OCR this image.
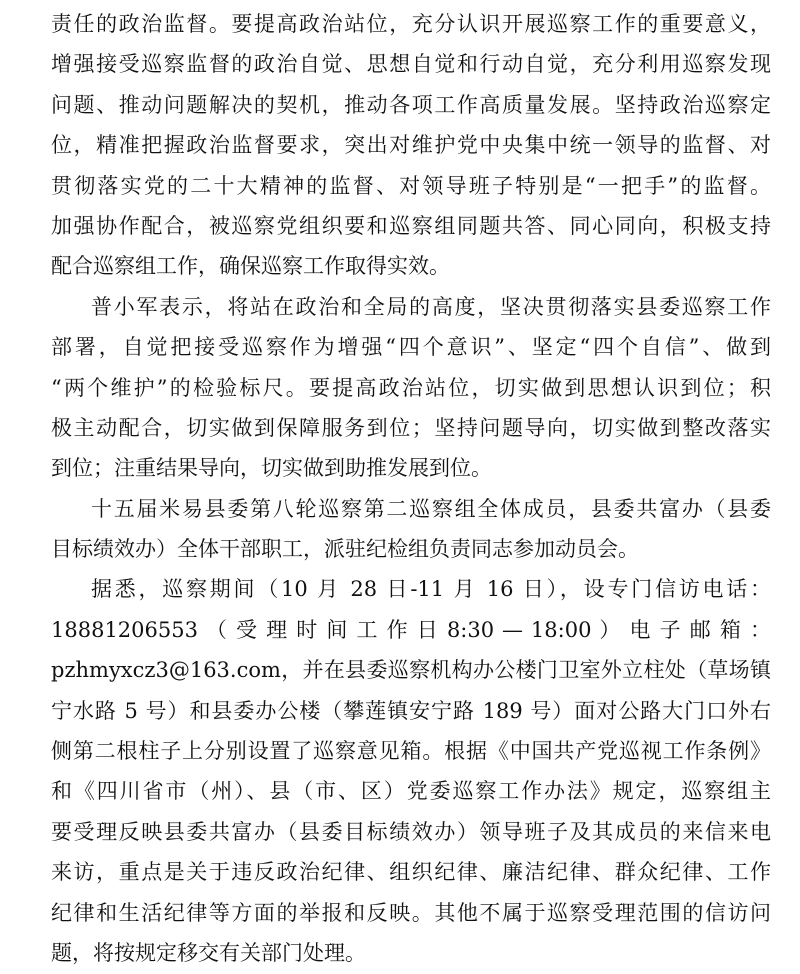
责任的政治监督。要提高政治站位，充分认识开展巡察工作的重要意义，
增强接受巡察监督的政治自觉、思想自觉和行动自觉，充分利用巡察发现
问题、推动问题解决的契机，推动各项工作高质量发展。坚持政治巡察定
位，精准把握政治监督要求，突出对维护党中央集中统一领导的监督、对
贯彻落实党的二十大精神的监督、对领导班子特别是“一把手”的监督。
加强协作配合，被巡察党组织要和巡察组同题共答、同心同向，积极支持
配合巡察组工作，确保巡察工作取得实效。
普小军表示，将站在政治和全局的高度，坚决贯彻落实县委巡察工作
部署，自觉把接受巡察作为增强“四个意识”、坚定“四个自信”、做到
“两个维护”的检验标尺。要提高政治站位，切实做到思想认识到位；积
极主动配合，切实做到保障服务到位；坚持问题导向，切实做到整改落实
到位；注重结果导向，切实做到助推发展到位。
十五届米易县委第八轮巡察第二巡察组全体成员，县委共富办（县委
目标绩效办）全体干部职工，派驻纪检组负责同志参加动员会。
据悉，巡察期间（10 月 28 日-11 月 16 日），设专门信访电话：
18881206553 （ 受 理 时 间 工 作 日 8:30 — 18:00 ） 电 子 邮 箱 ：
pzhmyxcz3@163.com，并在县委巡察机构办公楼门卫室外立柱处（草场镇
宁水路 5 号）和县委办公楼（攀莲镇安宁路 189 号）面对公路大门口外右
侧第二根柱子上分别设置了巡察意见箱。根据《中国共产党巡视工作条例》
和《四川省市（州）、县（市、区）党委巡察工作办法》规定，巡察组主
要受理反映县委共富办（县委目标绩效办）领导班子及其成员的来信来电
来访，重点是关于违反政治纪律、组织纪律、廉洁纪律、群众纪律、工作
纪律和生活纪律等方面的举报和反映。其他不属于巡察受理范围的信访问
题，将按规定移交有关部门处理。
